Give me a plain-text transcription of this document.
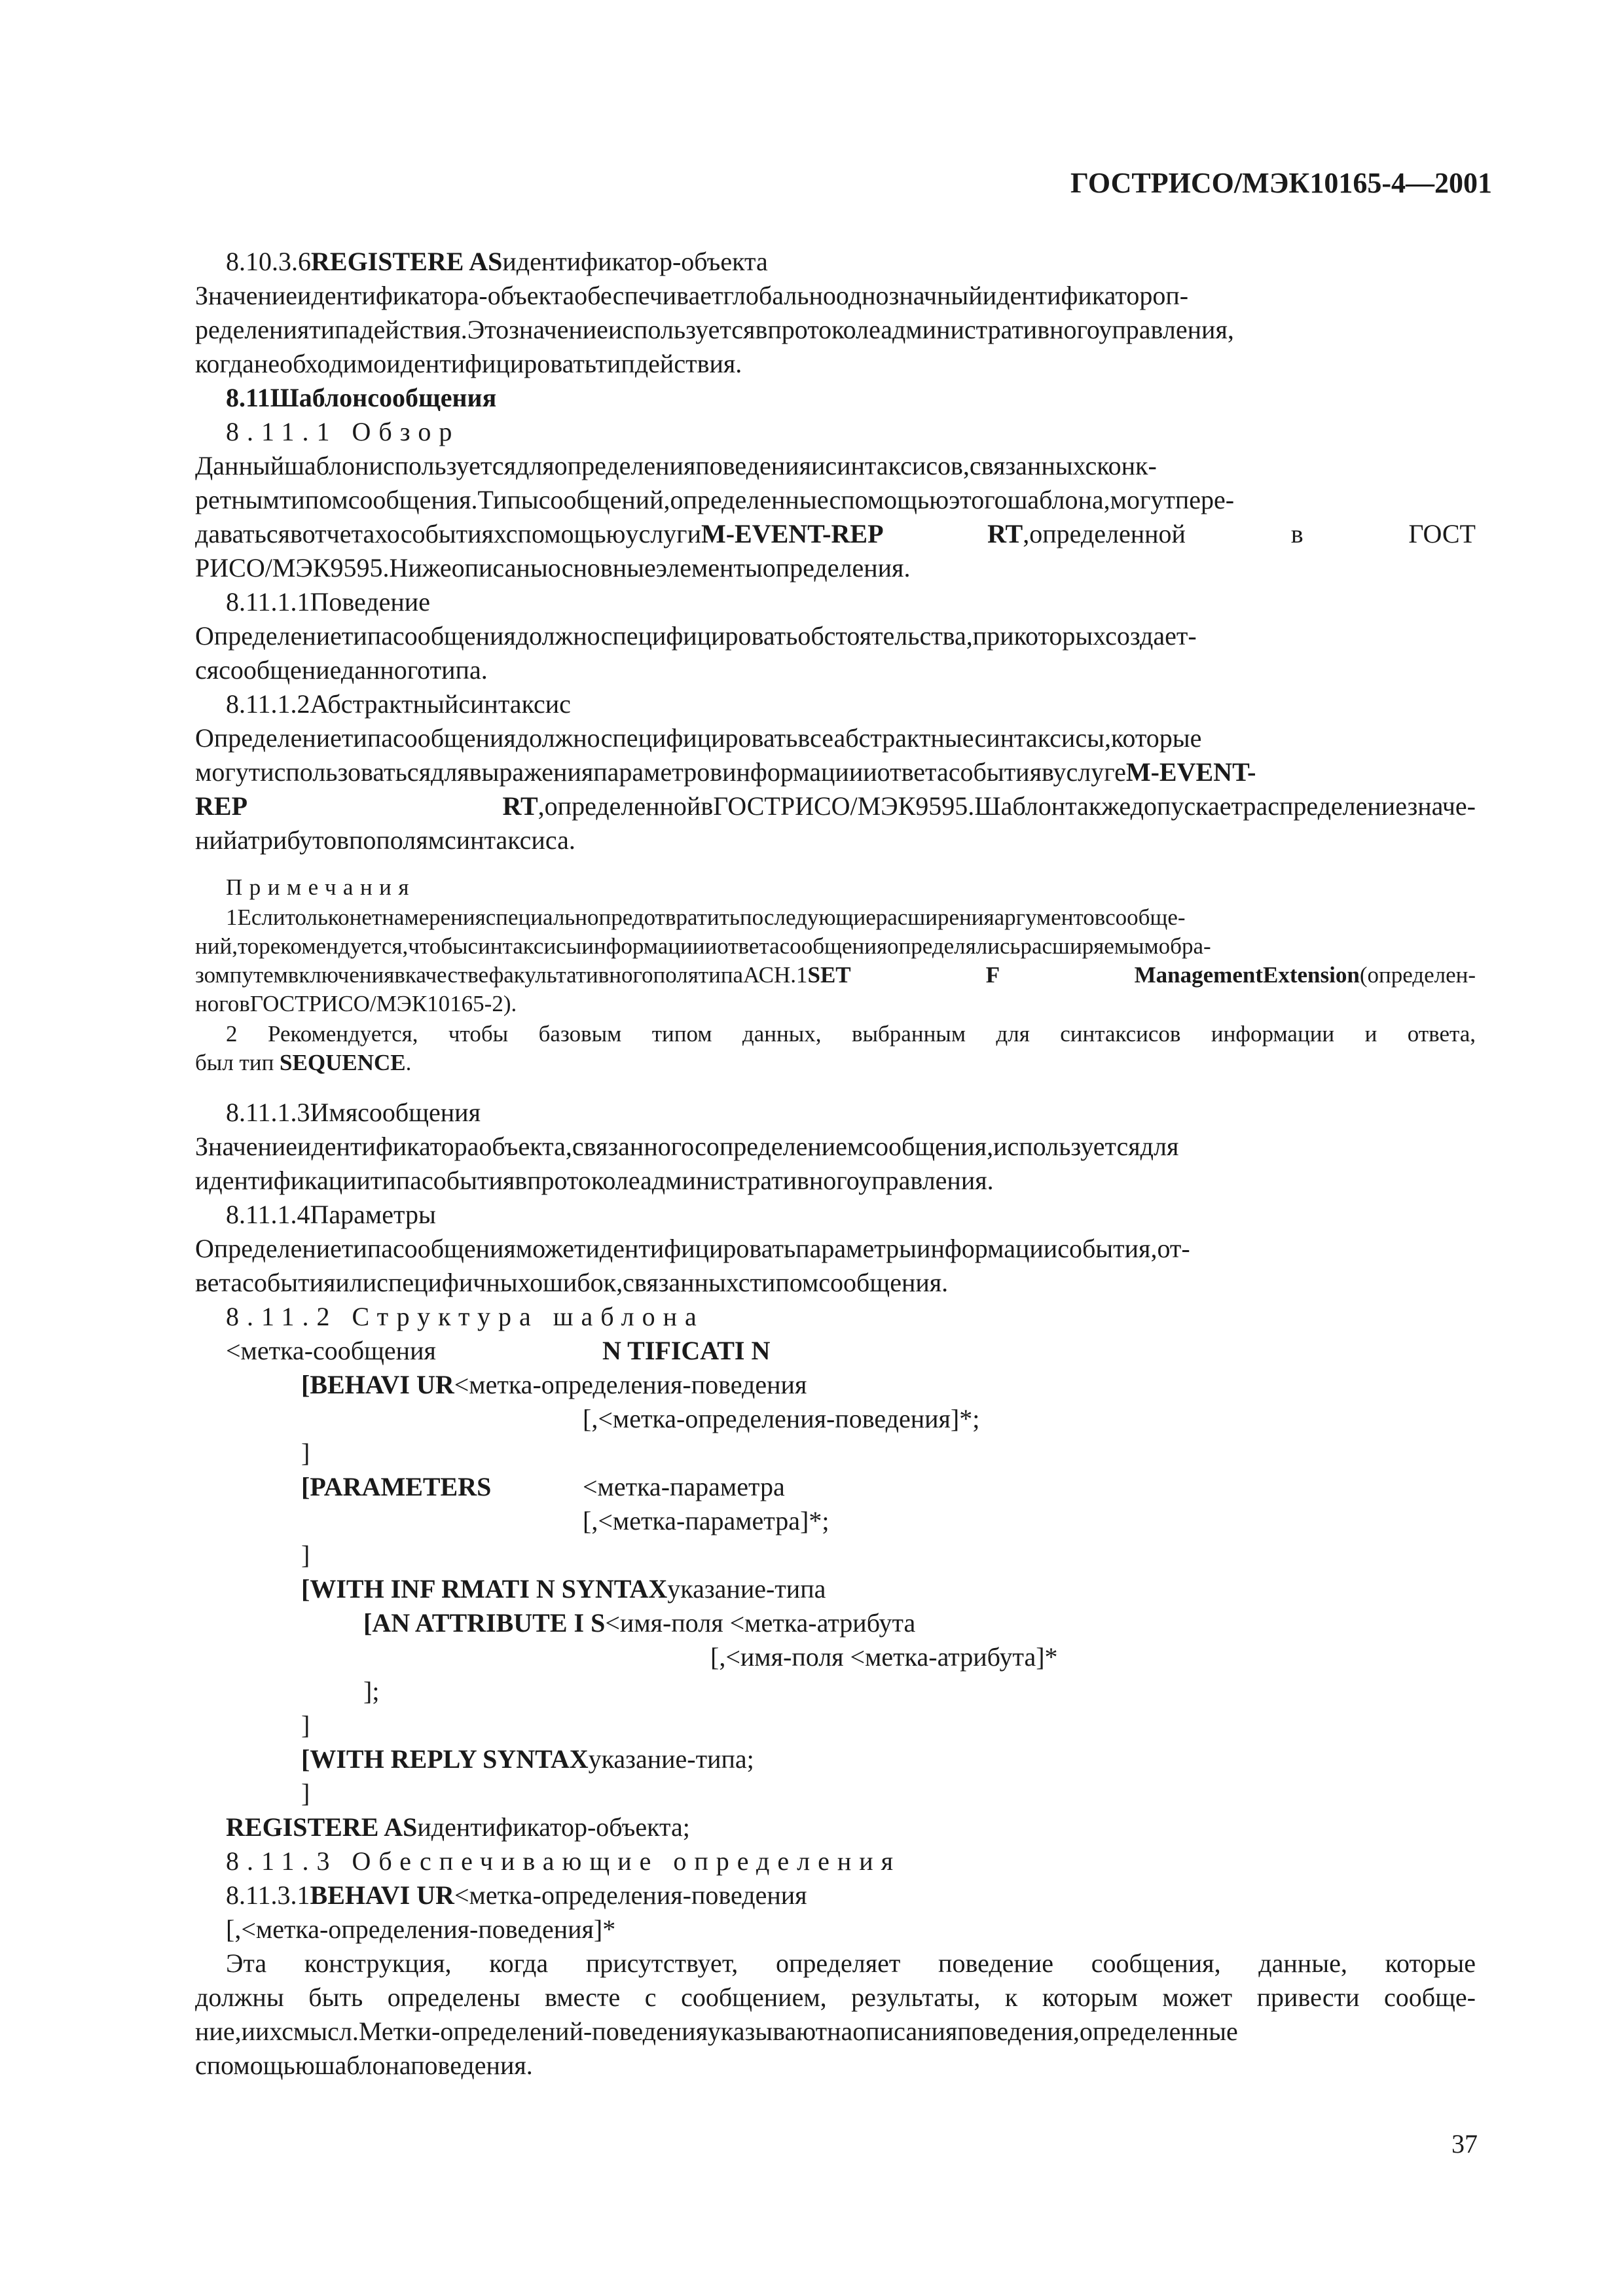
ГОСТРИСО/МЭК10165-4—2001
8.10.3.6REGISTERE ASидентификатор-объекта
Значениеидентификатора-объектаобеспечиваетглобальнооднозначныйидентификатороп-
ределениятипадействия.Этозначениеиспользуетсявпротоколеадминистративногоуправления,
когданеобходимоидентифицироватьтипдействия.
8.11Шаблонсообщения
8.11.1 Обзор
Данныйшаблониспользуетсядляопределенияповеденияисинтаксисов,связанныхсконк-
ретнымтипомсообщения.Типысообщений,определенныеспомощьюэтогошаблона,могутпере-
даватьсявотчетахособытияхспомощьюуслугиM-EVENT-REP RT,определенной в ГОСТ
РИСО/МЭК9595.Нижеописаныосновныеэлементыопределения.
8.11.1.1Поведение
Определениетипасообщениядолжноспецифицироватьобстоятельства,прикоторыхсоздает-
сясообщениеданноготипа.
8.11.1.2Абстрактныйсинтаксис
Определениетипасообщениядолжноспецифицироватьвсеабстрактныесинтаксисы,которые
могутиспользоватьсядлявыраженияпараметровинформациииответасобытиявуслугеM-EVENT-
REP RT,определеннойвГОСТРИСО/МЭК9595.Шаблонтакжедопускаетраспределениезначе-
нийатрибутовпополямсинтаксиса.
Примечания
1Еслитольконетнамеренияспециальнопредотвратитьпоследующиерасширенияаргументовсообще-
ний,торекомендуется,чтобысинтаксисыинформациииответасообщенияопределялисьрасширяемымобра-
зомпутемвключениявкачествефакультативногополятипаАСН.1SET F ManagementExtension(определен-
ноговГОСТРИСО/МЭК10165-2).
2 Рекомендуется, чтобы базовым типом данных, выбранным для синтаксисов информации и ответа,
был тип SEQUENCE.
8.11.1.3Имясообщения
Значениеидентификатораобъекта,связанногосопределениемсообщения,используетсядля
идентификациитипасобытиявпротоколеадминистративногоуправления.
8.11.1.4Параметры
Определениетипасообщенияможетидентифицироватьпараметрыинформациисобытия,от-
ветасобытияилиспецифичныхошибок,связанныхстипомсообщения.
8.11.2 Структура шаблона
<метка-сообщения	N TIFICATI N
[BEHAVI UR<метка-определения-поведения
[,<метка-определения-поведения]*;
]
[PARAMETERS	<метка-параметра
[,<метка-параметра]*;
]
[WITH INF RMATI N SYNTAXуказание-типа
[AN ATTRIBUTE I S<имя-поля <метка-атрибута
[,<имя-поля <метка-атрибута]*
];
]
[WITH REPLY SYNTAXуказание-типа;
]
REGISTERE ASидентификатор-объекта;
8.11.3 Обеспечивающие определения
8.11.3.1BEHAVI UR<метка-определения-поведения
[,<метка-определения-поведения]*
Эта конструкция, когда присутствует, определяет поведение сообщения, данные, которые
должны быть определены вместе с сообщением, результаты, к которым может привести сообще-
ние,иихсмысл.Метки-определений-поведенияуказываютнаописанияповедения,определенные
спомощьюшаблонаповедения.
37
